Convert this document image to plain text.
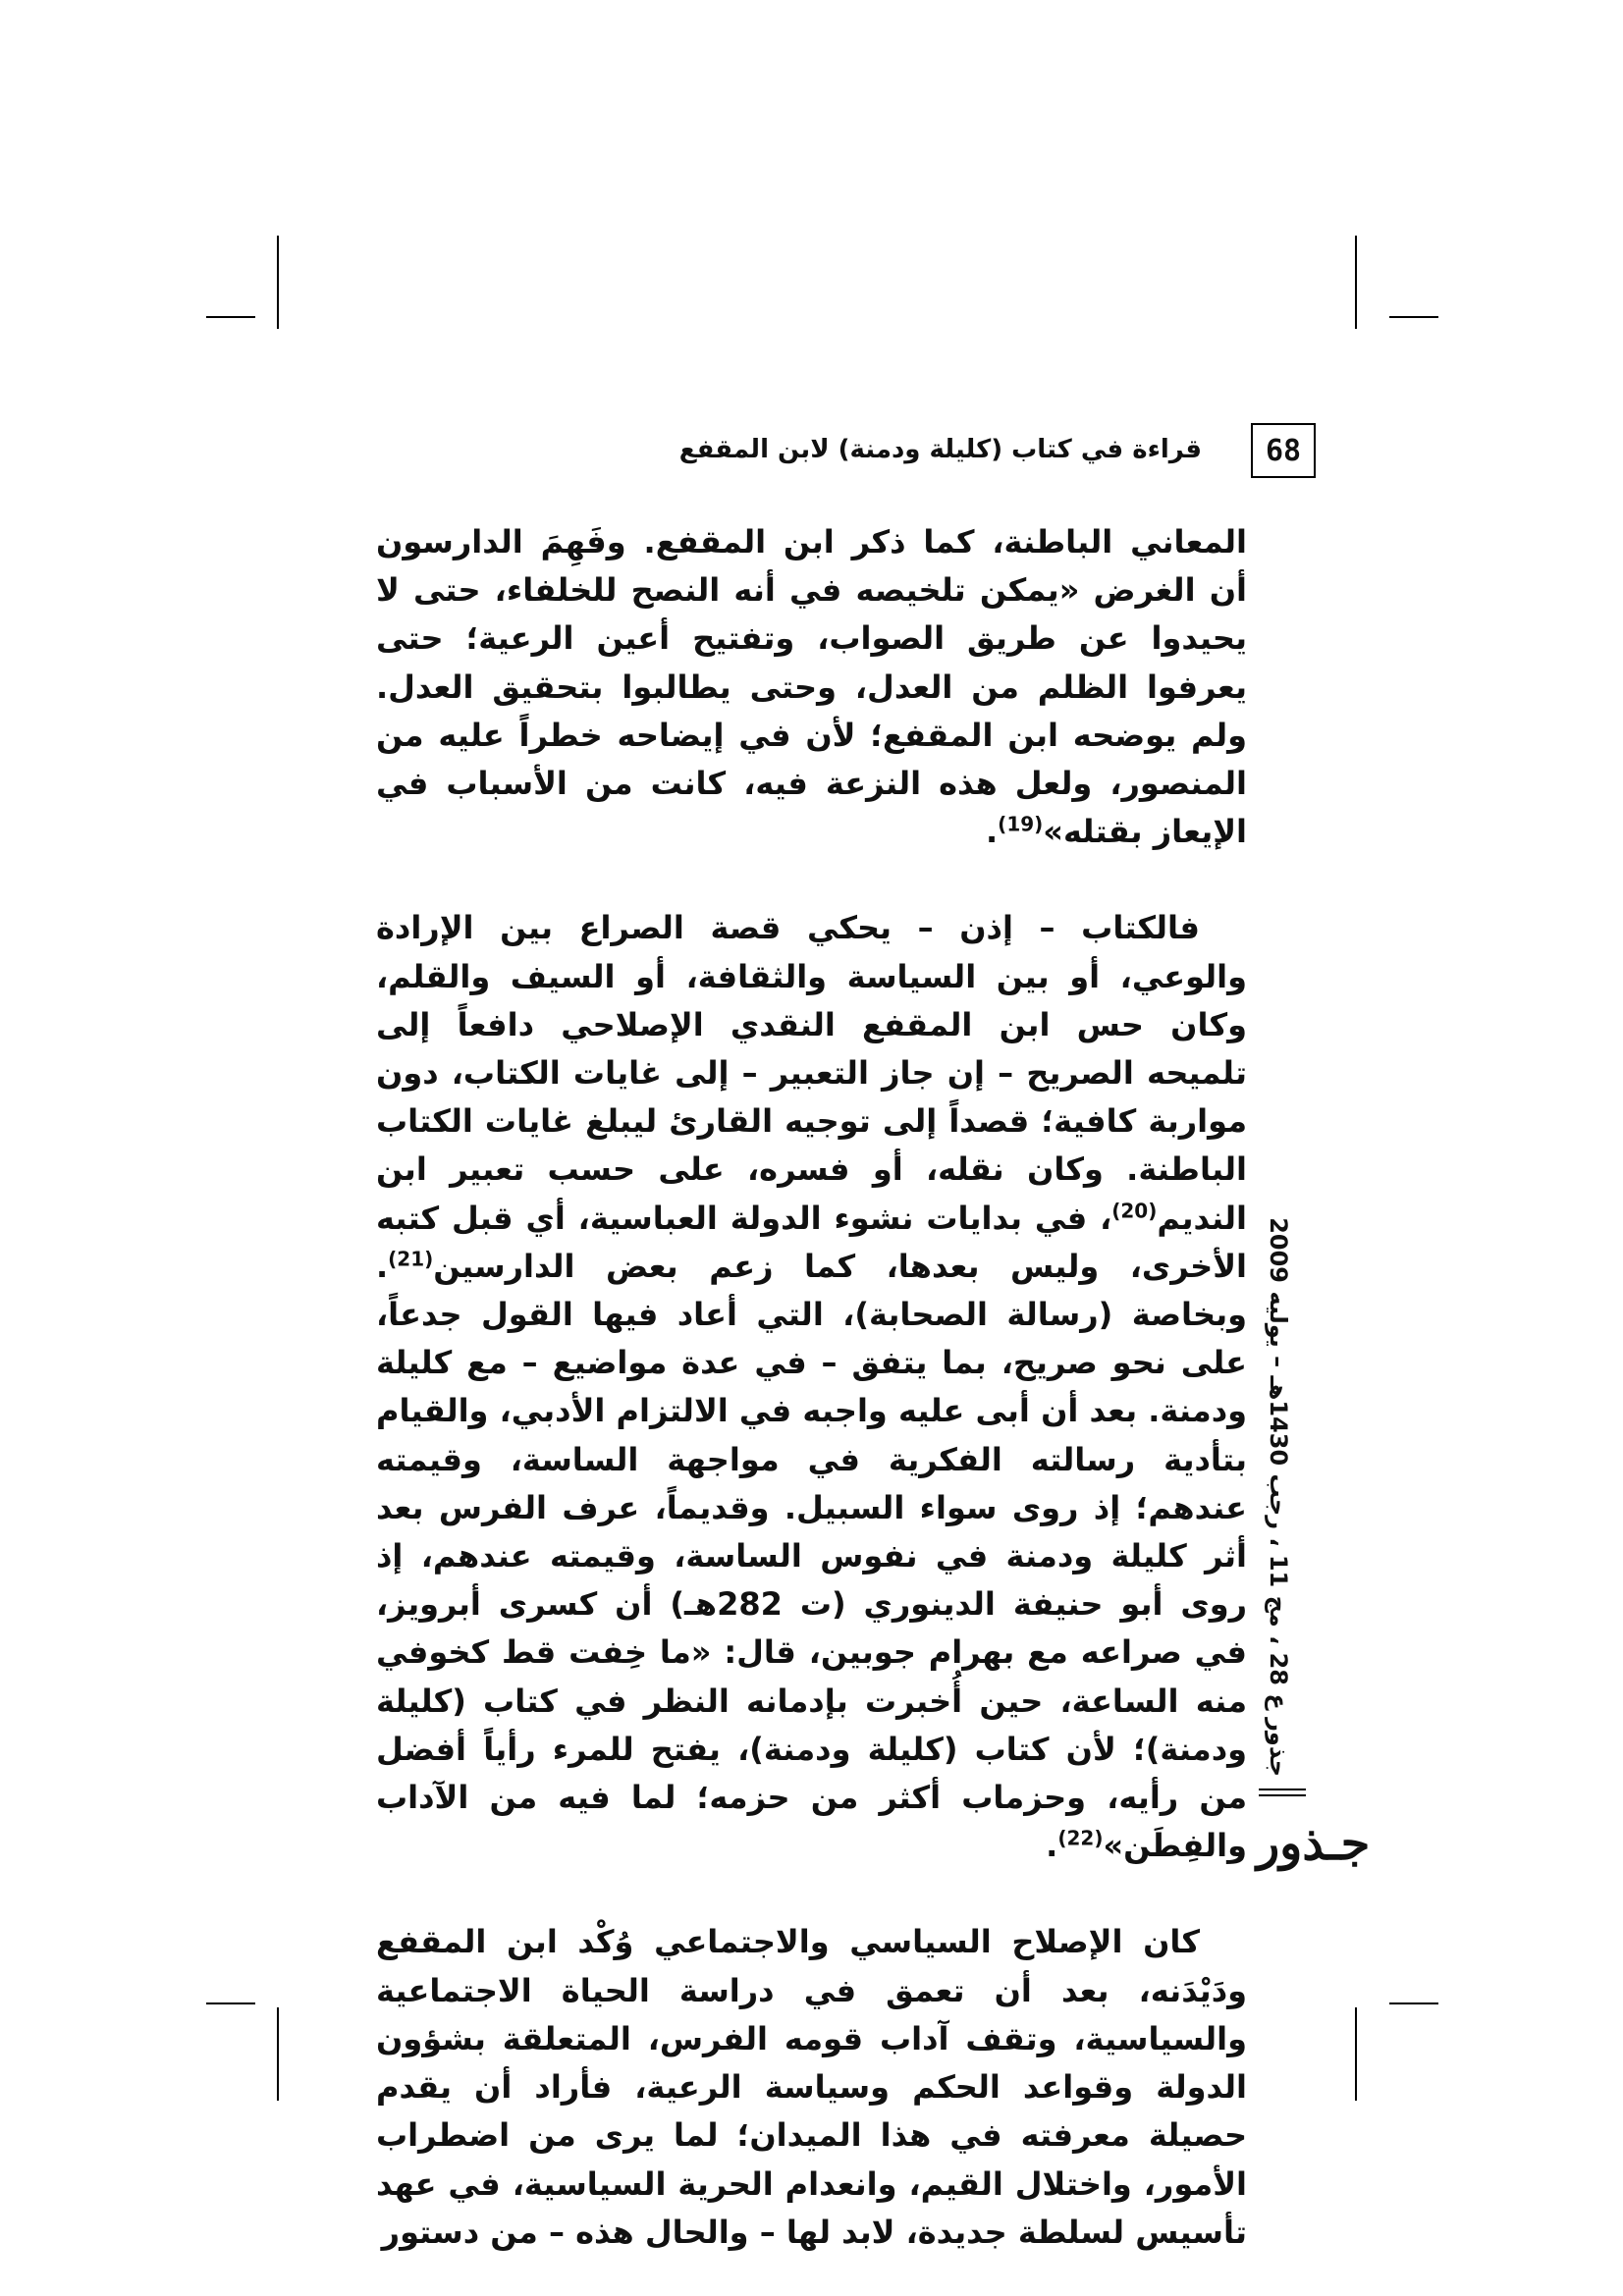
68
قراءة في كتاب (كليلة ودمنة) لابن المقفع

المعاني الباطنة، كما ذكر ابن المقفع. وفَهِمَ الدارسون أن الغرض «يمكن تلخيصه في أنه النصح للخلفاء، حتى لا يحيدوا عن طريق الصواب، وتفتيح أعين الرعية؛ حتى يعرفوا الظلم من العدل، وحتى يطالبوا بتحقيق العدل. ولم يوضحه ابن المقفع؛ لأن في إيضاحه خطراً عليه من المنصور، ولعل هذه النزعة فيه، كانت من الأسباب في الإيعاز بقتله»$^{(19)}$.

فالكتاب – إذن – يحكي قصة الصراع بين الإرادة والوعي، أو بين السياسة والثقافة، أو السيف والقلم، وكان حس ابن المقفع النقدي الإصلاحي دافعاً إلى تلميحه الصريح – إن جاز التعبير – إلى غايات الكتاب، دون مواربة كافية؛ قصداً إلى توجيه القارئ ليبلغ غايات الكتاب الباطنة. وكان نقله، أو فسره، على حسب تعبير ابن النديم$^{(20)}$، في بدايات نشوء الدولة العباسية، أي قبل كتبه الأخرى، وليس بعدها، كما زعم بعض الدارسين$^{(21)}$. وبخاصة (رسالة الصحابة)، التي أعاد فيها القول جدعاً، على نحو صريح، بما يتفق – في عدة مواضيع – مع كليلة ودمنة. بعد أن أبى عليه واجبه في الالتزام الأدبي، والقيام بتأدية رسالته الفكرية في مواجهة الساسة، وقيمته عندهم؛ إذ روى سواء السبيل. وقديماً، عرف الفرس بعد أثر كليلة ودمنة في نفوس الساسة، وقيمته عندهم، إذ روى أبو حنيفة الدينوري (ت 282هـ) أن كسرى أبرويز، في صراعه مع بهرام جوبين، قال: «ما خِفت قط كخوفي منه الساعة، حين أُخبرت بإدمانه النظر في كتاب (كليلة ودمنة)؛ لأن كتاب (كليلة ودمنة)، يفتح للمرء رأياً أفضل من رأيه، وحزماب أكثر من حزمه؛ لما فيه من الآداب والفِطَن»$^{(22)}$.

كان الإصلاح السياسي والاجتماعي وُكْد ابن المقفع ودَيْدَنه، بعد أن تعمق في دراسة الحياة الاجتماعية والسياسية، وتقف آداب قومه الفرس، المتعلقة بشؤون الدولة وقواعد الحكم وسياسة الرعية، فأراد أن يقدم حصيلة معرفته في هذا الميدان؛ لما يرى من اضطراب الأمور، واختلال القيم، وانعدام الحرية السياسية، في عهد تأسيس لسلطة جديدة، لابد لها – والحال هذه – من دستور

جذور ع 28 ، مج 11 ، رجب 1430هـ – يوليه 2009
جـذور
